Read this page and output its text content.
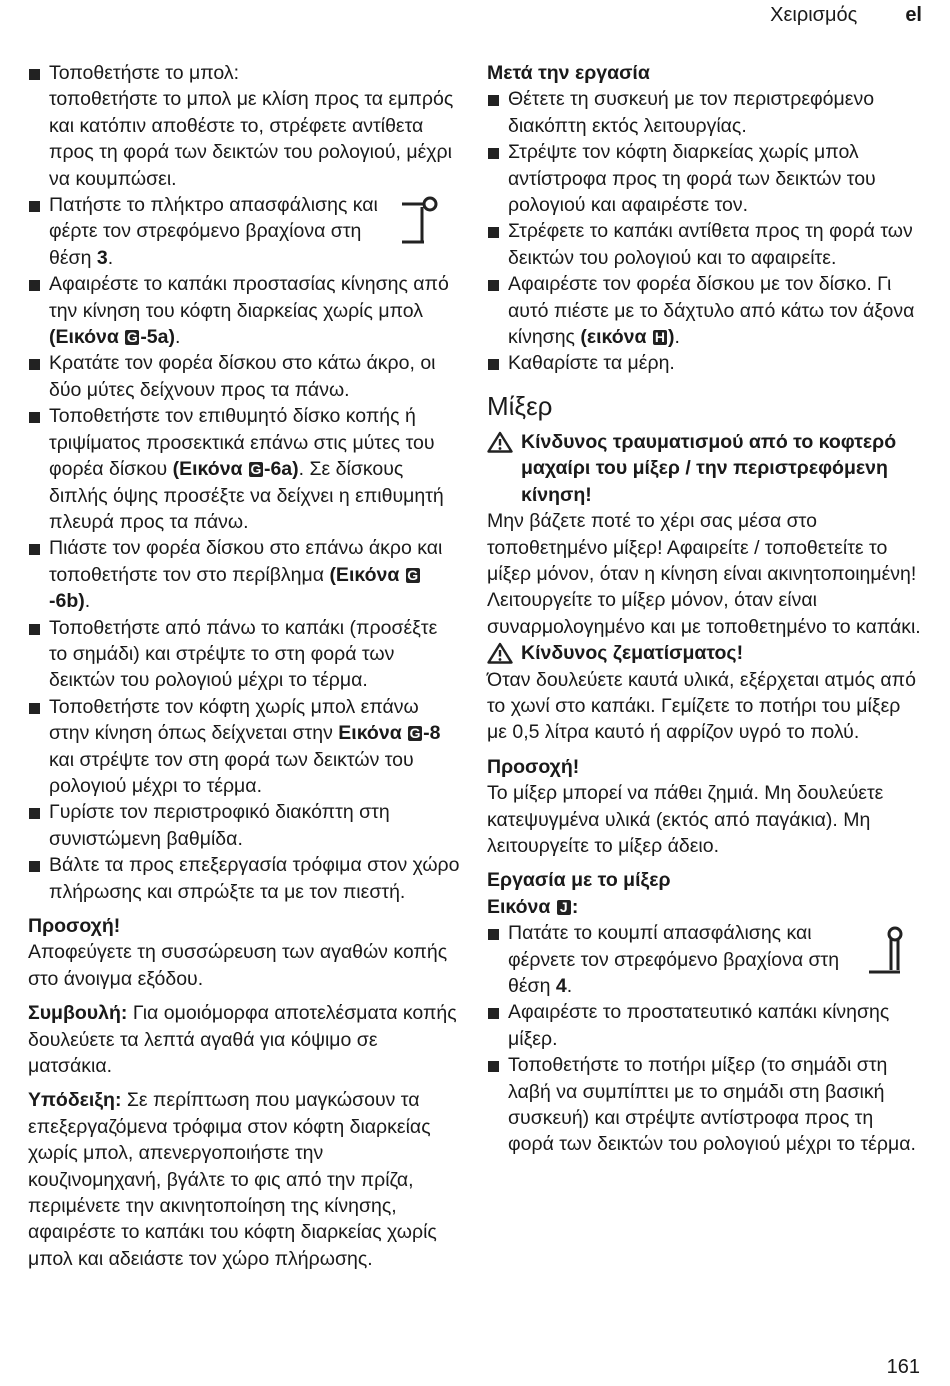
Χειρισμός el
Τοποθετήστε το μπολ:
τοποθετήστε το μπολ με κλίση προς τα εμπρός και κατόπιν αποθέστε το, στρέφετε αντίθετα προς τη φορά των δεικτών του ρολογιού, μέχρι να κουμπώσει.
Πατήστε το πλήκτρο απασφάλισης και φέρτε τον στρεφόμενο βραχίονα στη θέση 3.
Αφαιρέστε το καπάκι προστασίας κίνησης από την κίνηση του κόφτη διαρκείας χωρίς μπολ (Εικόνα G -5a).
Κρατάτε τον φορέα δίσκου στο κάτω άκρο, οι δύο μύτες δείχνουν προς τα πάνω.
Τοποθετήστε τον επιθυμητό δίσκο κοπής ή τριψίματος προσεκτικά επάνω στις μύτες του φορέα δίσκου (Εικόνα G -6a). Σε δίσκους διπλής όψης προσέξτε να δείχνει η επιθυμητή πλευρά προς τα πάνω.
Πιάστε τον φορέα δίσκου στο επάνω άκρο και τοποθετήστε τον στο περίβλημα (Εικόνα G-6b).
Τοποθετήστε από πάνω το καπάκι (προσέξτε το σημάδι) και στρέψτε το στη φορά των δεικτών του ρολογιού μέχρι το τέρμα.
Τοποθετήστε τον κόφτη χωρίς μπολ επάνω στην κίνηση όπως δείχνεται στην Εικόνα G -8 και στρέψτε τον στη φορά των δεικτών του ρολογιού μέχρι το τέρμα.
Γυρίστε τον περιστροφικό διακόπτη στη συνιστώμενη βαθμίδα.
Βάλτε τα προς επεξεργασία τρόφιμα στον χώρο πλήρωσης και σπρώξτε τα με τον πιεστή.

Προσοχή!

Αποφεύγετε τη συσσώρευση των αγαθών κοπής στο άνοιγμα εξόδου.

Συμβουλή: Για ομοιόμορφα αποτελέσματα κοπής δουλεύετε τα λεπτά αγαθά για κόψιμο σε ματσάκια.

Υπόδειξη: Σε περίπτωση που μαγκώσουν τα επεξεργαζόμενα τρόφιμα στον κόφτη διαρκείας χωρίς μπολ, απενεργοποιήστε την κουζινομηχανή, βγάλτε το φις από την πρίζα, περιμένετε την ακινητοποίηση της κίνησης, αφαιρέστε το καπάκι του κόφτη διαρκείας χωρίς μπολ και αδειάστε τον χώρο πλήρωσης.

Μετά την εργασία

Θέτετε τη συσκευή με τον περιστρεφόμενο διακόπτη εκτός λειτουργίας.
Στρέψτε τον κόφτη διαρκείας χωρίς μπολ αντίστροφα προς τη φορά των δεικτών του ρολογιού και αφαιρέστε τον.
Στρέφετε το καπάκι αντίθετα προς τη φορά των δεικτών του ρολογιού και το αφαιρείτε.
Αφαιρέστε τον φορέα δίσκου με τον δίσκο. Γι αυτό πιέστε με το δάχτυλο από κάτω τον άξονα κίνησης (εικόνα H ).
Καθαρίστε τα μέρη.
Μίξερ

Κίνδυνος τραυματισμού από το κοφτερό μαχαίρι του μίξερ / την περιστρεφόμενη κίνηση!

Μην βάζετε ποτέ το χέρι σας μέσα στο τοποθετημένο μίξερ! Αφαιρείτε / τοποθετείτε το μίξερ μόνον, όταν η κίνηση είναι ακινητοποιημένη! Λειτουργείτε το μίξερ μόνον, όταν είναι συναρμολογημένο και με τοποθετημένο το καπάκι.

Κίνδυνος ζεματίσματος!

Όταν δουλεύετε καυτά υλικά, εξέρχεται ατμός από το χωνί στο καπάκι. Γεμίζετε το ποτήρι του μίξερ με 0,5 λίτρα καυτό ή αφρίζον υγρό το πολύ.

Προσοχή!

Το μίξερ μπορεί να πάθει ζημιά. Μη δουλεύετε κατεψυγμένα υλικά (εκτός από παγάκια). Μη λειτουργείτε το μίξερ άδειο.

Εργασία με το μίξερ

Εικόνα J :

Πατάτε το κουμπί απασφάλισης και φέρνετε τον στρεφόμενο βραχίονα στη θέση 4.
Αφαιρέστε το προστατευτικό καπάκι κίνησης μίξερ.
Τοποθετήστε το ποτήρι μίξερ (το σημάδι στη λαβή να συμπίπτει με το σημάδι στη βασική συσκευή) και στρέψτε αντίστροφα προς τη φορά των δεικτών του ρολογιού μέχρι το τέρμα.
161
